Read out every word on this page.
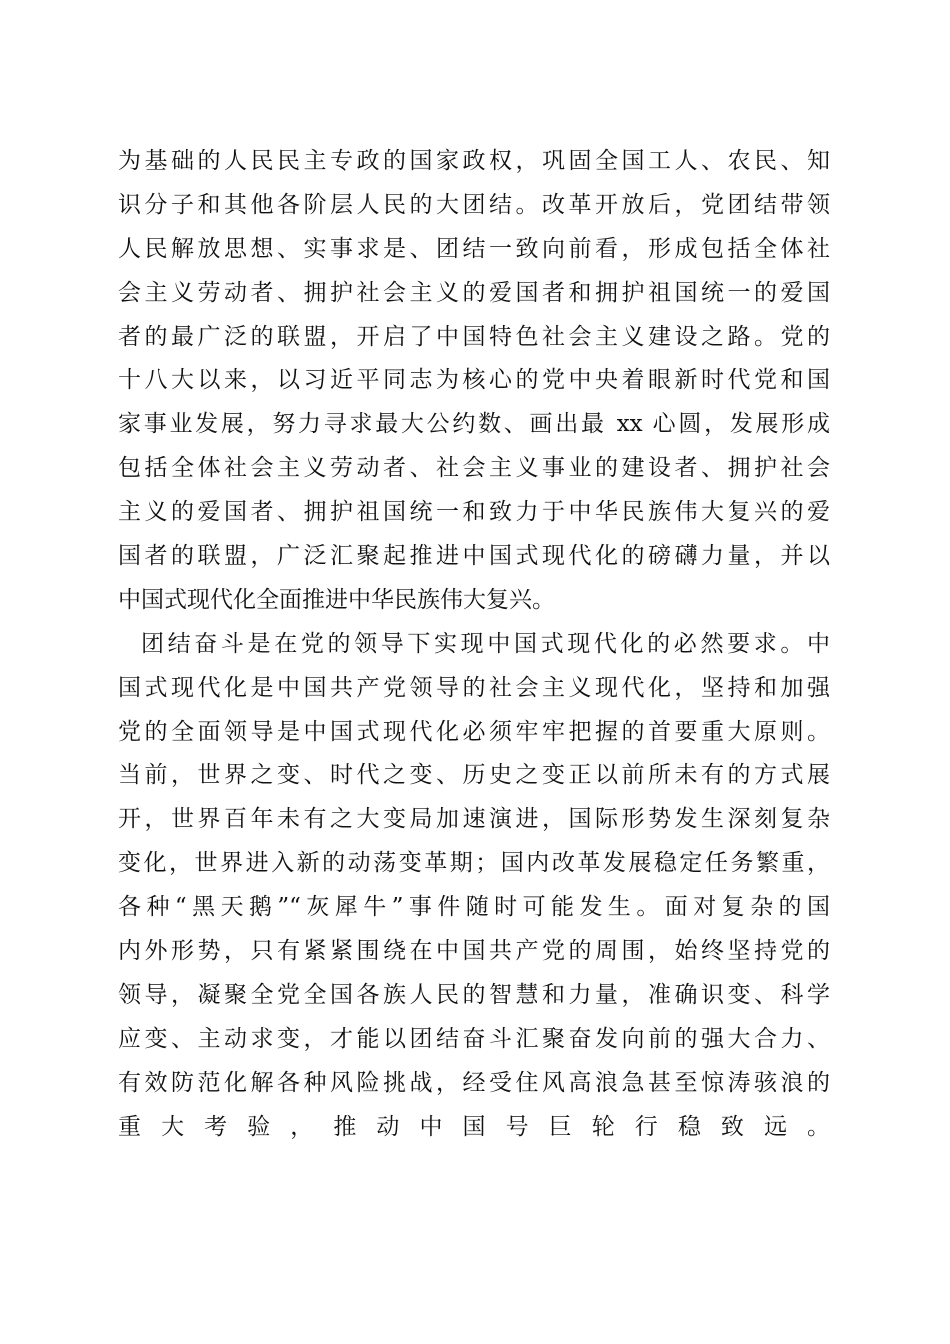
为基础的人民民主专政的国家政权，巩固全国工人、农民、知
识分子和其他各阶层人民的大团结。改革开放后，党团结带领
人民解放思想、实事求是、团结一致向前看，形成包括全体社
会主义劳动者、拥护社会主义的爱国者和拥护祖国统一的爱国
者的最广泛的联盟，开启了中国特色社会主义建设之路。党的
十八大以来，以习近平同志为核心的党中央着眼新时代党和国
家事业发展，努力寻求最大公约数、画出最 xx 心圆，发展形成
包括全体社会主义劳动者、社会主义事业的建设者、拥护社会
主义的爱国者、拥护祖国统一和致力于中华民族伟大复兴的爱
国者的联盟，广泛汇聚起推进中国式现代化的磅礴力量，并以
中国式现代化全面推进中华民族伟大复兴。
团结奋斗是在党的领导下实现中国式现代化的必然要求。中
国式现代化是中国共产党领导的社会主义现代化，坚持和加强
党的全面领导是中国式现代化必须牢牢把握的首要重大原则。
当前，世界之变、时代之变、历史之变正以前所未有的方式展
开，世界百年未有之大变局加速演进，国际形势发生深刻复杂
变化，世界进入新的动荡变革期；国内改革发展稳定任务繁重，
各种“黑天鹅”“灰犀牛”事件随时可能发生。面对复杂的国
内外形势，只有紧紧围绕在中国共产党的周围，始终坚持党的
领导，凝聚全党全国各族人民的智慧和力量，准确识变、科学
应变、主动求变，才能以团结奋斗汇聚奋发向前的强大合力、
有效防范化解各种风险挑战，经受住风高浪急甚至惊涛骇浪的
重大考验，推动中国号巨轮行稳致远。
